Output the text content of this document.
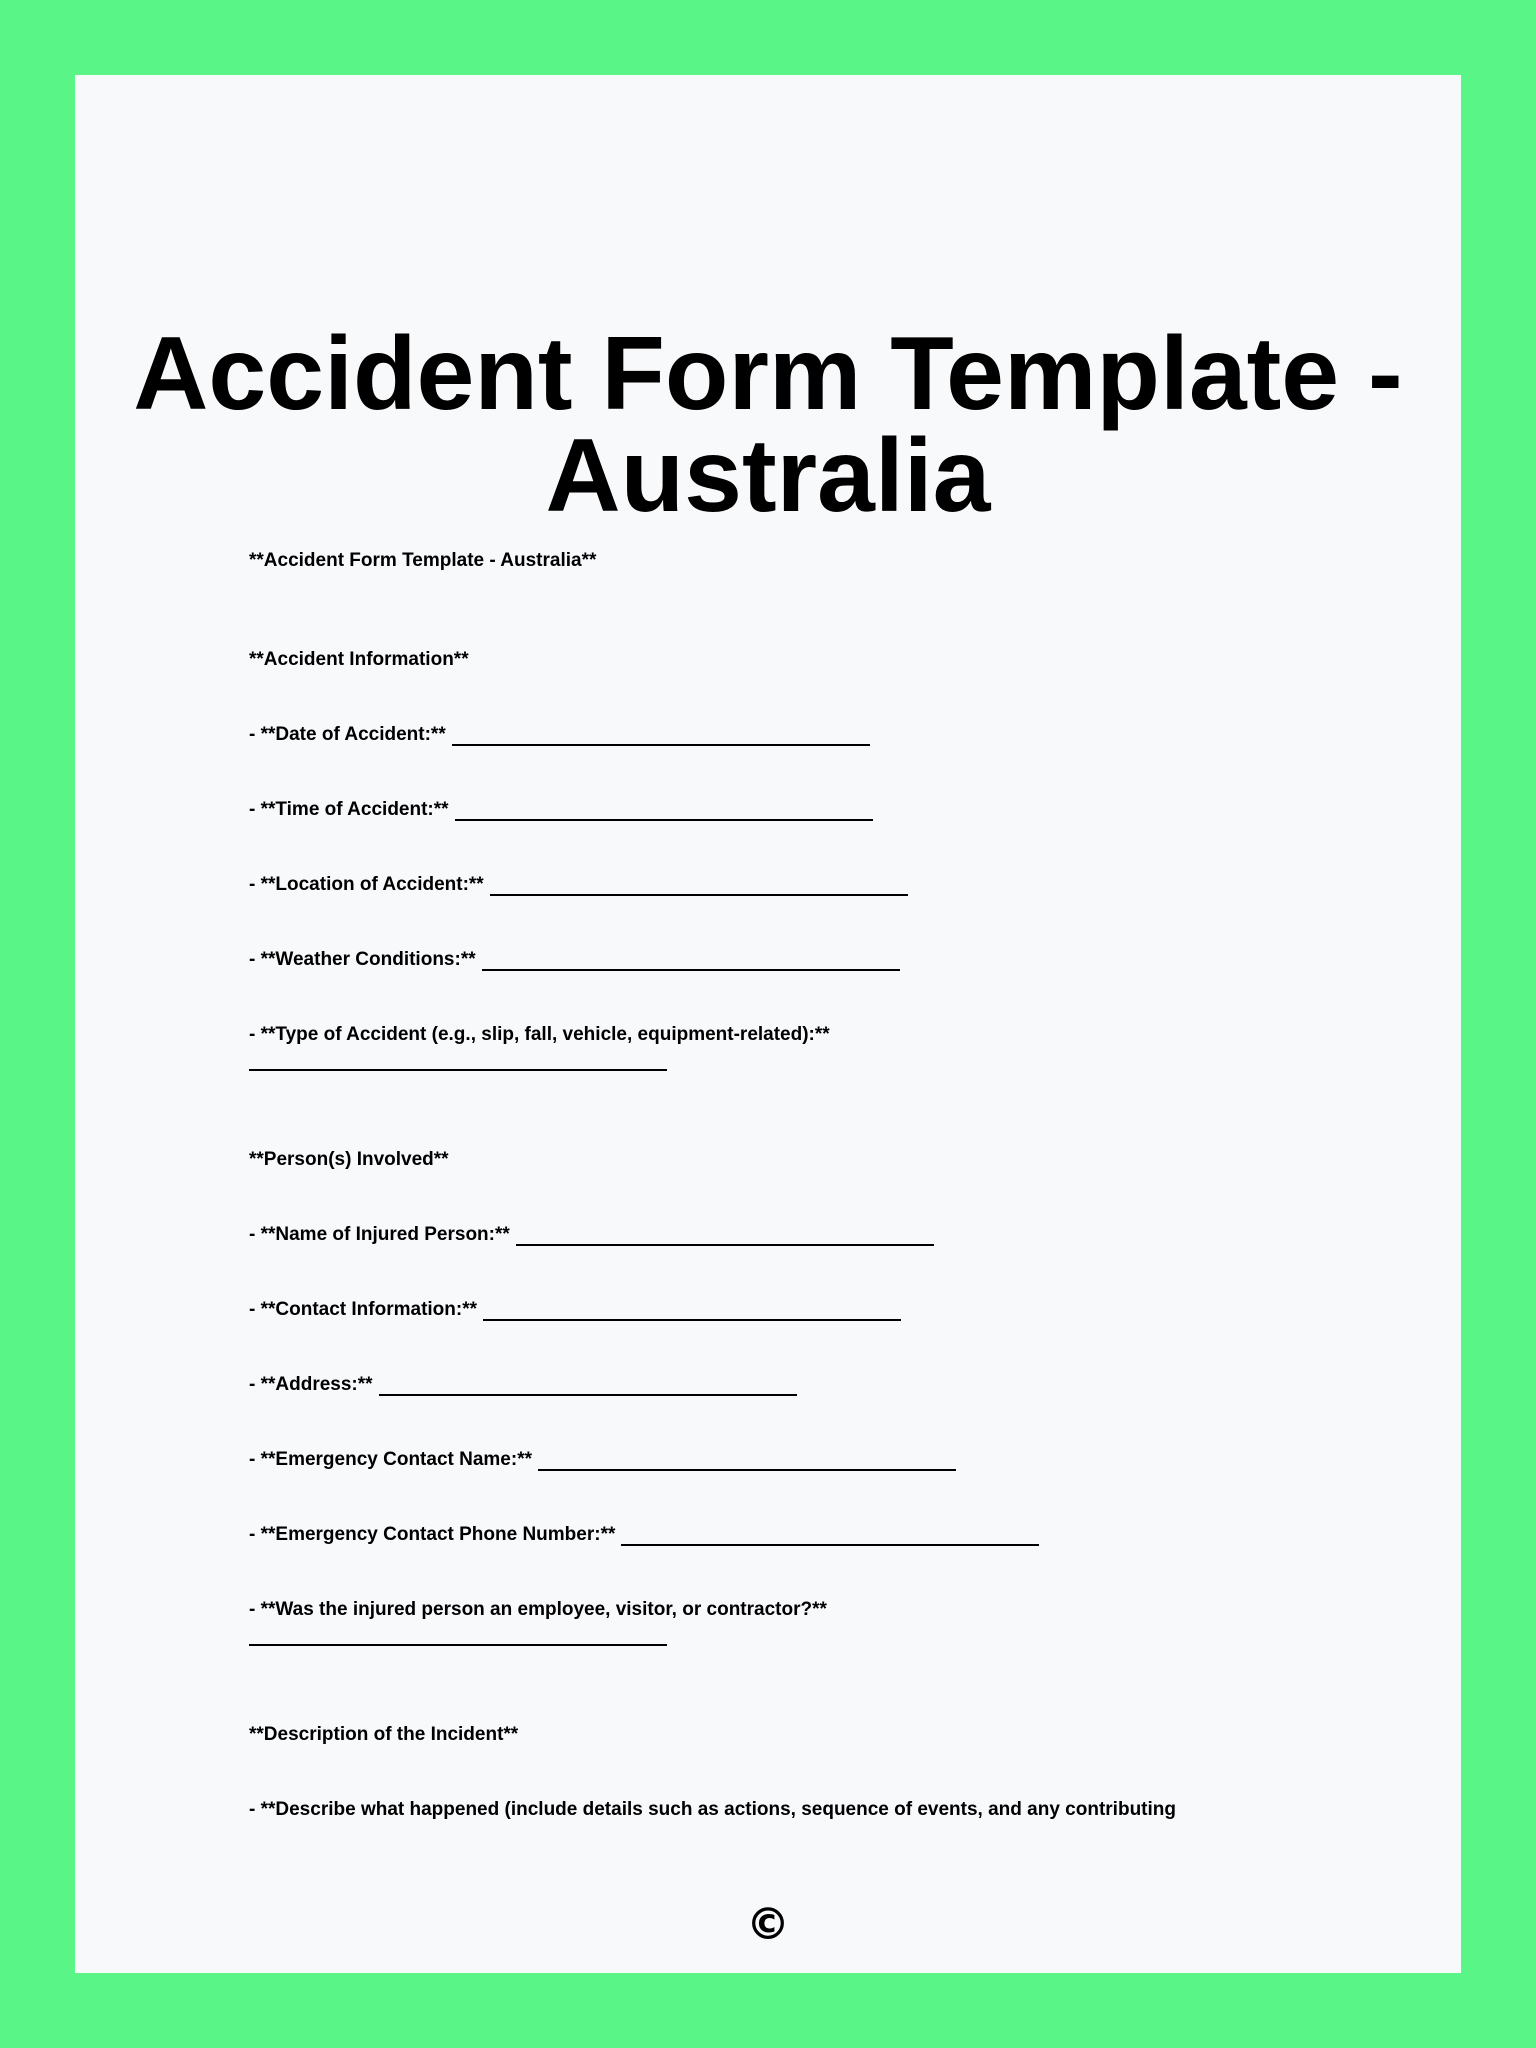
Accident Form Template -
Australia

**Accident Form Template - Australia**

**Accident Information**

- **Date of Accident:**

- **Time of Accident:**

- **Location of Accident:**

- **Weather Conditions:**

- **Type of Accident (e.g., slip, fall, vehicle, equipment-related):**

**Person(s) Involved**

- **Name of Injured Person:**

- **Contact Information:**

- **Address:**

- **Emergency Contact Name:**

- **Emergency Contact Phone Number:**

- **Was the injured person an employee, visitor, or contractor?**

**Description of the Incident**

- **Describe what happened (include details such as actions, sequence of events, and any contributing

©
